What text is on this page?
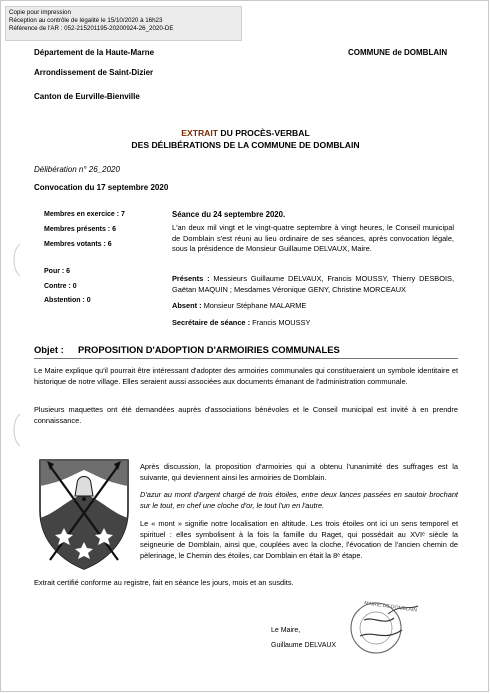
Copie pour impression
Réception au contrôle de légalité le 15/10/2020 à 16h23
Référence de l'AR : 052-215201195-20200924-26_2020-DE
Département de la Haute-Marne	COMMUNE de DOMBLAIN
Arrondissement de Saint-Dizier
Canton de Eurville-Bienville
EXTRAIT DU PROCÈS-VERBAL
DES DÉLIBÉRATIONS DE LA COMMUNE DE DOMBLAIN
Délibération n° 26_2020
Convocation du 17 septembre 2020
Membres en exercice : 7
Membres présents : 6
Membres votants : 6
Pour : 6
Contre : 0
Abstention : 0
Séance du 24 septembre 2020.
L'an deux mil vingt et le vingt-quatre septembre à vingt heures, le Conseil municipal de Domblain s'est réuni au lieu ordinaire de ses séances, après convocation légale, sous la présidence de Monsieur Guillaume DELVAUX, Maire.
Présents : Messieurs Guillaume DELVAUX, Francis MOUSSY, Thierry DESBOIS, Gaëtan MAQUIN ; Mesdames Véronique GENY, Christine MORCEAUX
Absent : Monsieur Stéphane MALARME
Secrétaire de séance : Francis MOUSSY
Objet : PROPOSITION D'ADOPTION D'ARMOIRIES COMMUNALES
Le Maire explique qu'il pourrait être intéressant d'adopter des armoiries communales qui constitueraient un symbole identitaire et historique de notre village. Elles seraient aussi associées aux documents émanant de l'administration communale.
Plusieurs maquettes ont été demandées auprès d'associations bénévoles et le Conseil municipal est invité à en prendre connaissance.
Après discussion, la proposition d'armoiries qui a obtenu l'unanimité des suffrages est la suivante, qui deviennent ainsi les armoiries de Domblain.
D'azur au mont d'argent chargé de trois étoiles, entre deux lances passées en sautoir brochant sur le tout, en chef une cloche d'or, le tout l'un en l'autre.
Le « mont » signifie notre localisation en altitude. Les trois étoiles ont ici un sens temporel et spirituel : elles symbolisent à la fois la famille du Raget, qui possédait au XVIᵉ siècle la seigneurie de Domblain, ainsi que, couplées avec la cloche, l'évocation de l'ancien chemin de pèlerinage, le Chemin des étoiles, car Domblain en était la 8ᵉ étape.
Extrait certifié conforme au registre, fait en séance les jours, mois et an susdits.
MAIRIE DE DOMBLAIN
Le Maire,
Guillaume DELVAUX
